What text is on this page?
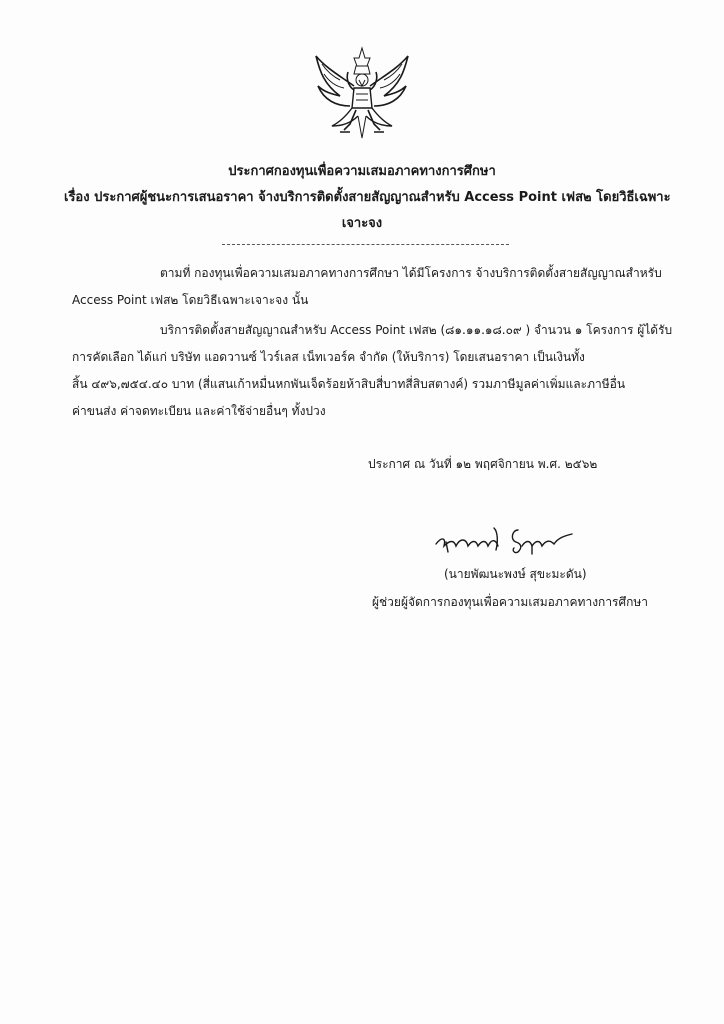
ประกาศกองทุนเพื่อความเสมอภาคทางการศึกษา
เรื่อง ประกาศผู้ชนะการเสนอราคา จ้างบริการติดตั้งสายสัญญาณสำหรับ Access Point เฟส๒ โดยวิธีเฉพาะ
เจาะจง
ตามที่ กองทุนเพื่อความเสมอภาคทางการศึกษา ได้มีโครงการ จ้างบริการติดตั้งสายสัญญาณสำหรับ
Access Point เฟส๒ โดยวิธีเฉพาะเจาะจง นั้น
บริการติดตั้งสายสัญญาณสำหรับ Access Point เฟส๒ (๘๑.๑๑.๑๘.๐๙ ) จำนวน ๑ โครงการ ผู้ได้รับ
การคัดเลือก ได้แก่ บริษัท แอดวานซ์ ไวร์เลส เน็ทเวอร์ค จำกัด (ให้บริการ) โดยเสนอราคา เป็นเงินทั้ง
สิ้น ๔๙๖,๗๕๔.๔๐ บาท (สี่แสนเก้าหมื่นหกพันเจ็ดร้อยห้าสิบสี่บาทสี่สิบสตางค์) รวมภาษีมูลค่าเพิ่มและภาษีอื่น
ค่าขนส่ง ค่าจดทะเบียน และค่าใช้จ่ายอื่นๆ ทั้งปวง
ประกาศ ณ วันที่ ๑๒ พฤศจิกายน พ.ศ. ๒๕๖๒
(นายพัฒนะพงษ์ สุขะมะดัน)
ผู้ช่วยผู้จัดการกองทุนเพื่อความเสมอภาคทางการศึกษา
